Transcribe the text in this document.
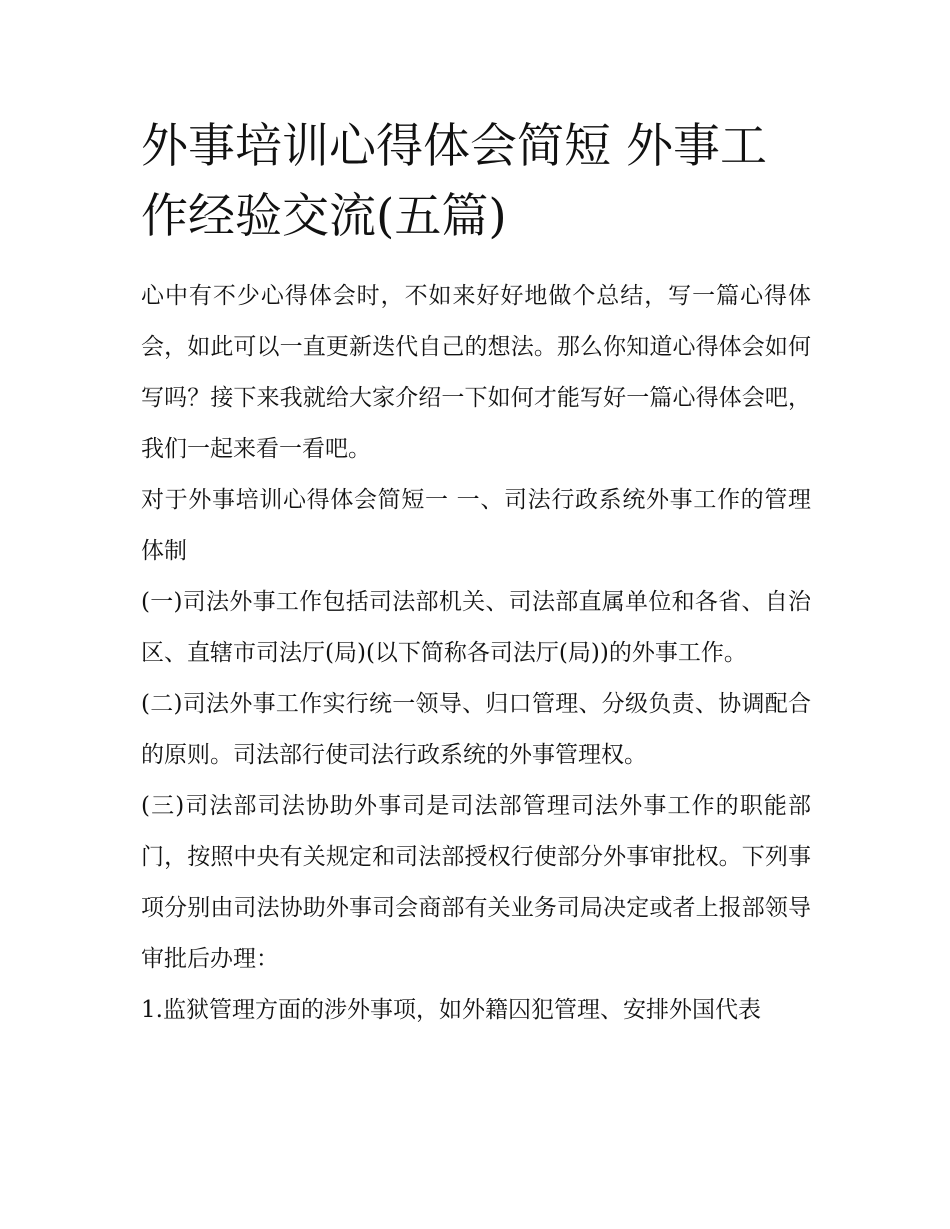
外事培训心得体会简短 外事工作经验交流(五篇)

心中有不少心得体会时，不如来好好地做个总结，写一篇心得体会，如此可以一直更新迭代自己的想法。那么你知道心得体会如何写吗？接下来我就给大家介绍一下如何才能写好一篇心得体会吧，我们一起来看一看吧。

对于外事培训心得体会简短一 一、司法行政系统外事工作的管理体制

(一)司法外事工作包括司法部机关、司法部直属单位和各省、自治区、直辖市司法厅(局)(以下简称各司法厅(局))的外事工作。

(二)司法外事工作实行统一领导、归口管理、分级负责、协调配合的原则。司法部行使司法行政系统的外事管理权。

(三)司法部司法协助外事司是司法部管理司法外事工作的职能部门，按照中央有关规定和司法部授权行使部分外事审批权。下列事项分别由司法协助外事司会商部有关业务司局决定或者上报部领导审批后办理：

1.监狱管理方面的涉外事项，如外籍囚犯管理、安排外国代表
